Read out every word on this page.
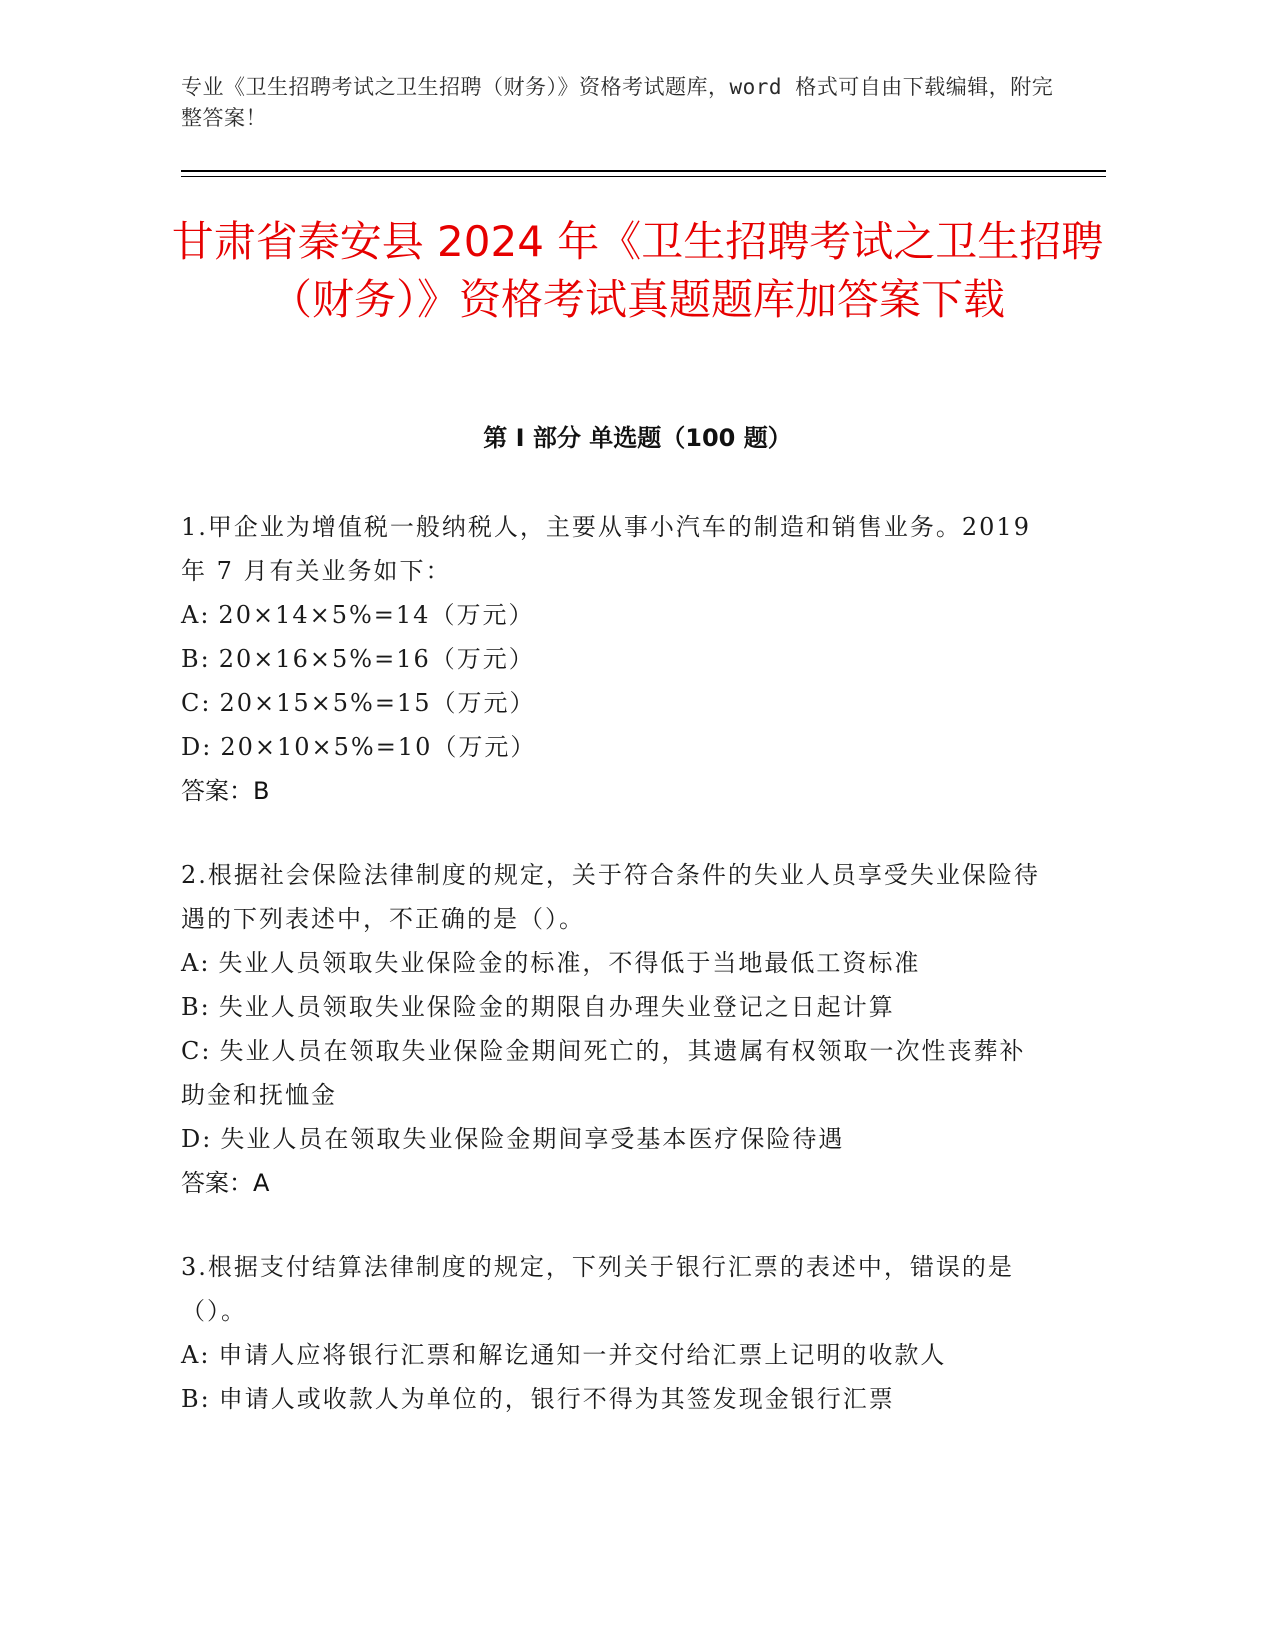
专业《卫生招聘考试之卫生招聘（财务）》资格考试题库，word 格式可自由下载编辑，附完整答案！
甘肃省秦安县 2024 年《卫生招聘考试之卫生招聘（财务）》资格考试真题题库加答案下载
第 I 部分 单选题（100 题）
1.甲企业为增值税一般纳税人，主要从事小汽车的制造和销售业务。2019 年 7 月有关业务如下：
A: 20×14×5%=14（万元）
B: 20×16×5%=16（万元）
C: 20×15×5%=15（万元）
D: 20×10×5%=10（万元）
答案：B
2.根据社会保险法律制度的规定，关于符合条件的失业人员享受失业保险待遇的下列表述中，不正确的是（）。
A: 失业人员领取失业保险金的标准，不得低于当地最低工资标准
B: 失业人员领取失业保险金的期限自办理失业登记之日起计算
C: 失业人员在领取失业保险金期间死亡的，其遗属有权领取一次性丧葬补助金和抚恤金
D: 失业人员在领取失业保险金期间享受基本医疗保险待遇
答案：A
3.根据支付结算法律制度的规定，下列关于银行汇票的表述中，错误的是（）。
A: 申请人应将银行汇票和解讫通知一并交付给汇票上记明的收款人
B: 申请人或收款人为单位的，银行不得为其签发现金银行汇票
